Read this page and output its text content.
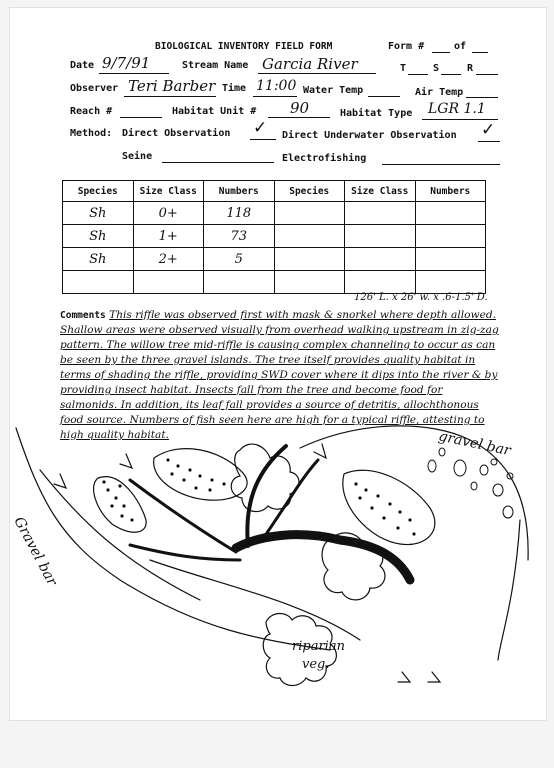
BIOLOGICAL INVENTORY FIELD FORM	Form #	of
Date 9/7/91	Stream Name Garcia River	T	S	R
Observer Teri Barber Time 11:00 Water Temp	Air Temp
Reach #	Habitat Unit # 90	Habitat Type LGR 1.1
Method: Direct Observation ✓ Direct Underwater Observation ✓
Seine	Electrofishing
Species	Size Class	Numbers	Species	Size Class	Numbers
Sh	0+	118			
Sh	1+	73			
Sh	2+	5			

126' L. x 26' w. x .6-1.5' D.
Comments This riffle was observed first with mask & snorkel where depth allowed. Shallow areas were observed visually from overhead walking upstream in zig-zag pattern. The willow tree mid-riffle is causing complex channeling to occur as can be seen by the three gravel islands. The tree itself provides quality habitat in terms of shading the riffle, providing SWD cover where it dips into the river & by providing insect habitat. Insects fall from the tree and become food for salmonids. In addition, its leaf fall provides a source of detritis, allochthonous food source. Numbers of fish seen here are high for a typical riffle, attesting to high quality habitat.
Gravel bar
gravel bar
riparian
veg.
